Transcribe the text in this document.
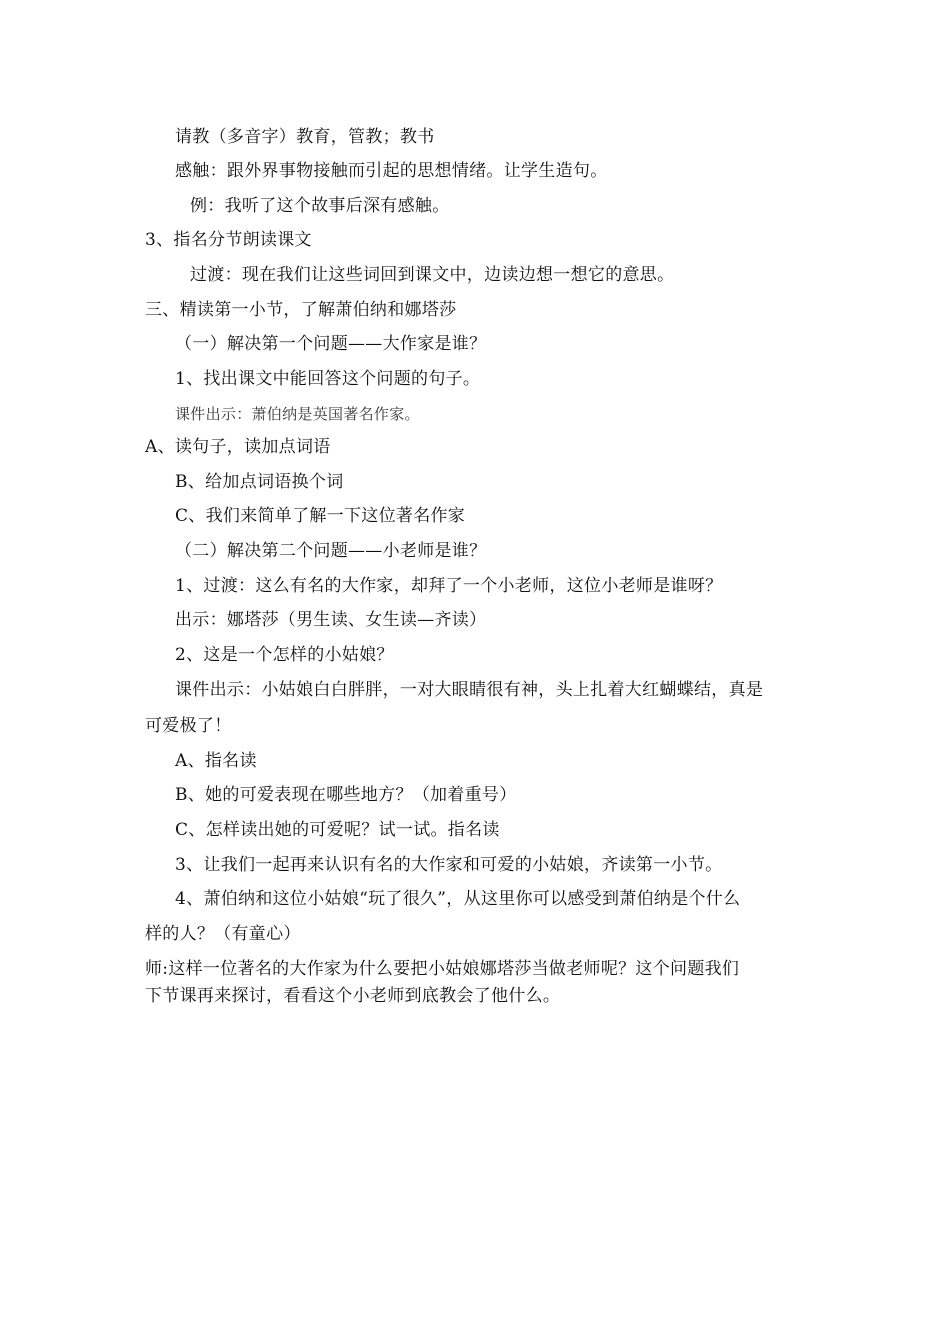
请教（多音字）教育，管教；教书
感触：跟外界事物接触而引起的思想情绪。让学生造句。
例：我听了这个故事后深有感触。
3、指名分节朗读课文
过渡：现在我们让这些词回到课文中，边读边想一想它的意思。
三、精读第一小节，了解萧伯纳和娜塔莎
（一）解决第一个问题——大作家是谁？
1、找出课文中能回答这个问题的句子。
课件出示：萧伯纳是英国著名作家。
A、读句子，读加点词语
B、给加点词语换个词
C、我们来简单了解一下这位著名作家
（二）解决第二个问题——小老师是谁？
1、过渡：这么有名的大作家，却拜了一个小老师，这位小老师是谁呀？
出示：娜塔莎（男生读、女生读—齐读）
2、这是一个怎样的小姑娘？
课件出示：小姑娘白白胖胖，一对大眼睛很有神，头上扎着大红蝴蝶结，真是
可爱极了！
A、指名读
B、她的可爱表现在哪些地方？（加着重号）
C、怎样读出她的可爱呢？试一试。指名读
3、让我们一起再来认识有名的大作家和可爱的小姑娘，齐读第一小节。
4、萧伯纳和这位小姑娘“玩了很久”，从这里你可以感受到萧伯纳是个什么
样的人？（有童心）
师:这样一位著名的大作家为什么要把小姑娘娜塔莎当做老师呢？这个问题我们
下节课再来探讨，看看这个小老师到底教会了他什么。
